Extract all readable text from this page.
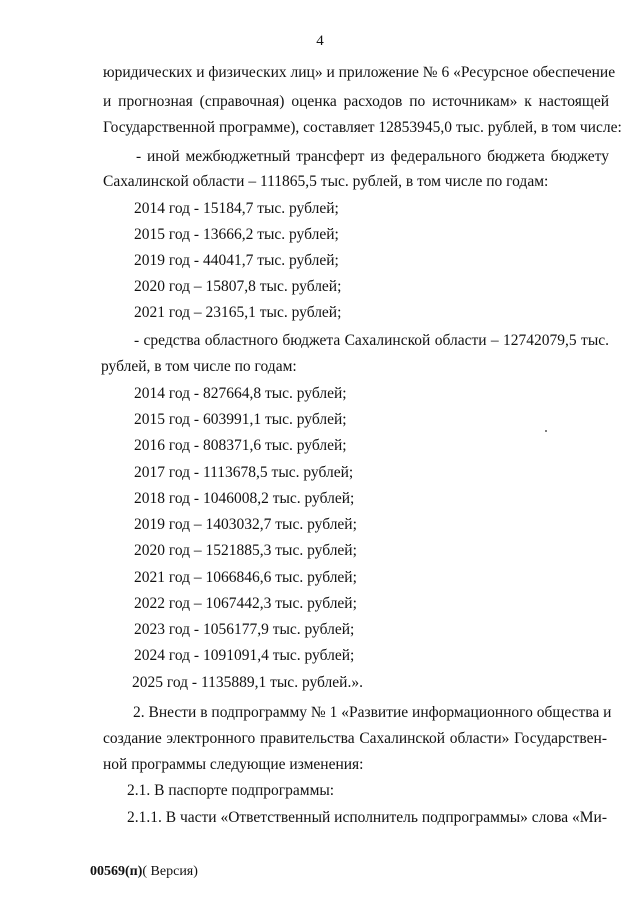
4
юридических и физических лиц» и приложение № 6 «Ресурсное обеспечение
и прогнозная (справочная) оценка расходов по источникам» к настоящей
Государственной программе), составляет 12853945,0 тыс. рублей, в том числе:
- иной межбюджетный трансферт из федерального бюджета бюджету
Сахалинской области – 111865,5 тыс. рублей, в том числе по годам:
2014 год - 15184,7 тыс. рублей;
2015 год - 13666,2 тыс. рублей;
2019 год - 44041,7 тыс. рублей;
2020 год – 15807,8 тыс. рублей;
2021 год – 23165,1 тыс. рублей;
- средства областного бюджета Сахалинской области – 12742079,5 тыс.
рублей, в том числе по годам:
2014 год - 827664,8 тыс. рублей;
2015 год - 603991,1 тыс. рублей;
2016 год - 808371,6 тыс. рублей;
2017 год - 1113678,5 тыс. рублей;
2018 год - 1046008,2 тыс. рублей;
2019 год – 1403032,7 тыс. рублей;
2020 год – 1521885,3 тыс. рублей;
2021 год – 1066846,6 тыс. рублей;
2022 год – 1067442,3 тыс. рублей;
2023 год - 1056177,9 тыс. рублей;
2024 год - 1091091,4 тыс. рублей;
2025 год - 1135889,1 тыс. рублей.».
2. Внести в подпрограмму № 1 «Развитие информационного общества и
создание электронного правительства Сахалинской области» Государствен-
ной программы следующие изменения:
2.1. В паспорте подпрограммы:
2.1.1. В части «Ответственный исполнитель подпрограммы» слова «Ми-
00569(п)( Версия)
